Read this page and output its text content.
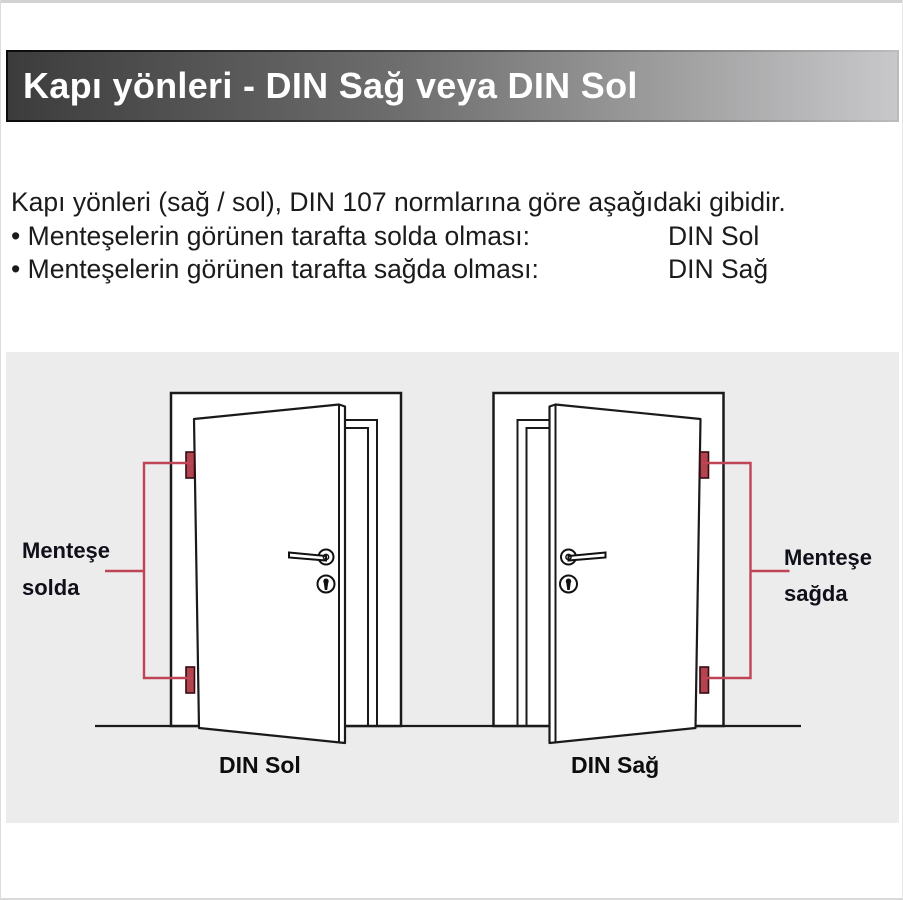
Kapı yönleri - DIN Sağ veya DIN Sol
Kapı yönleri (sağ / sol), DIN 107 normlarına göre aşağıdaki gibidir.
• Menteşelerin görünen tarafta solda olması:	DIN Sol
• Menteşelerin görünen tarafta sağda olması:	DIN Sağ
Menteşe
solda
DIN Sol
Menteşe
sağda
DIN Sağ
